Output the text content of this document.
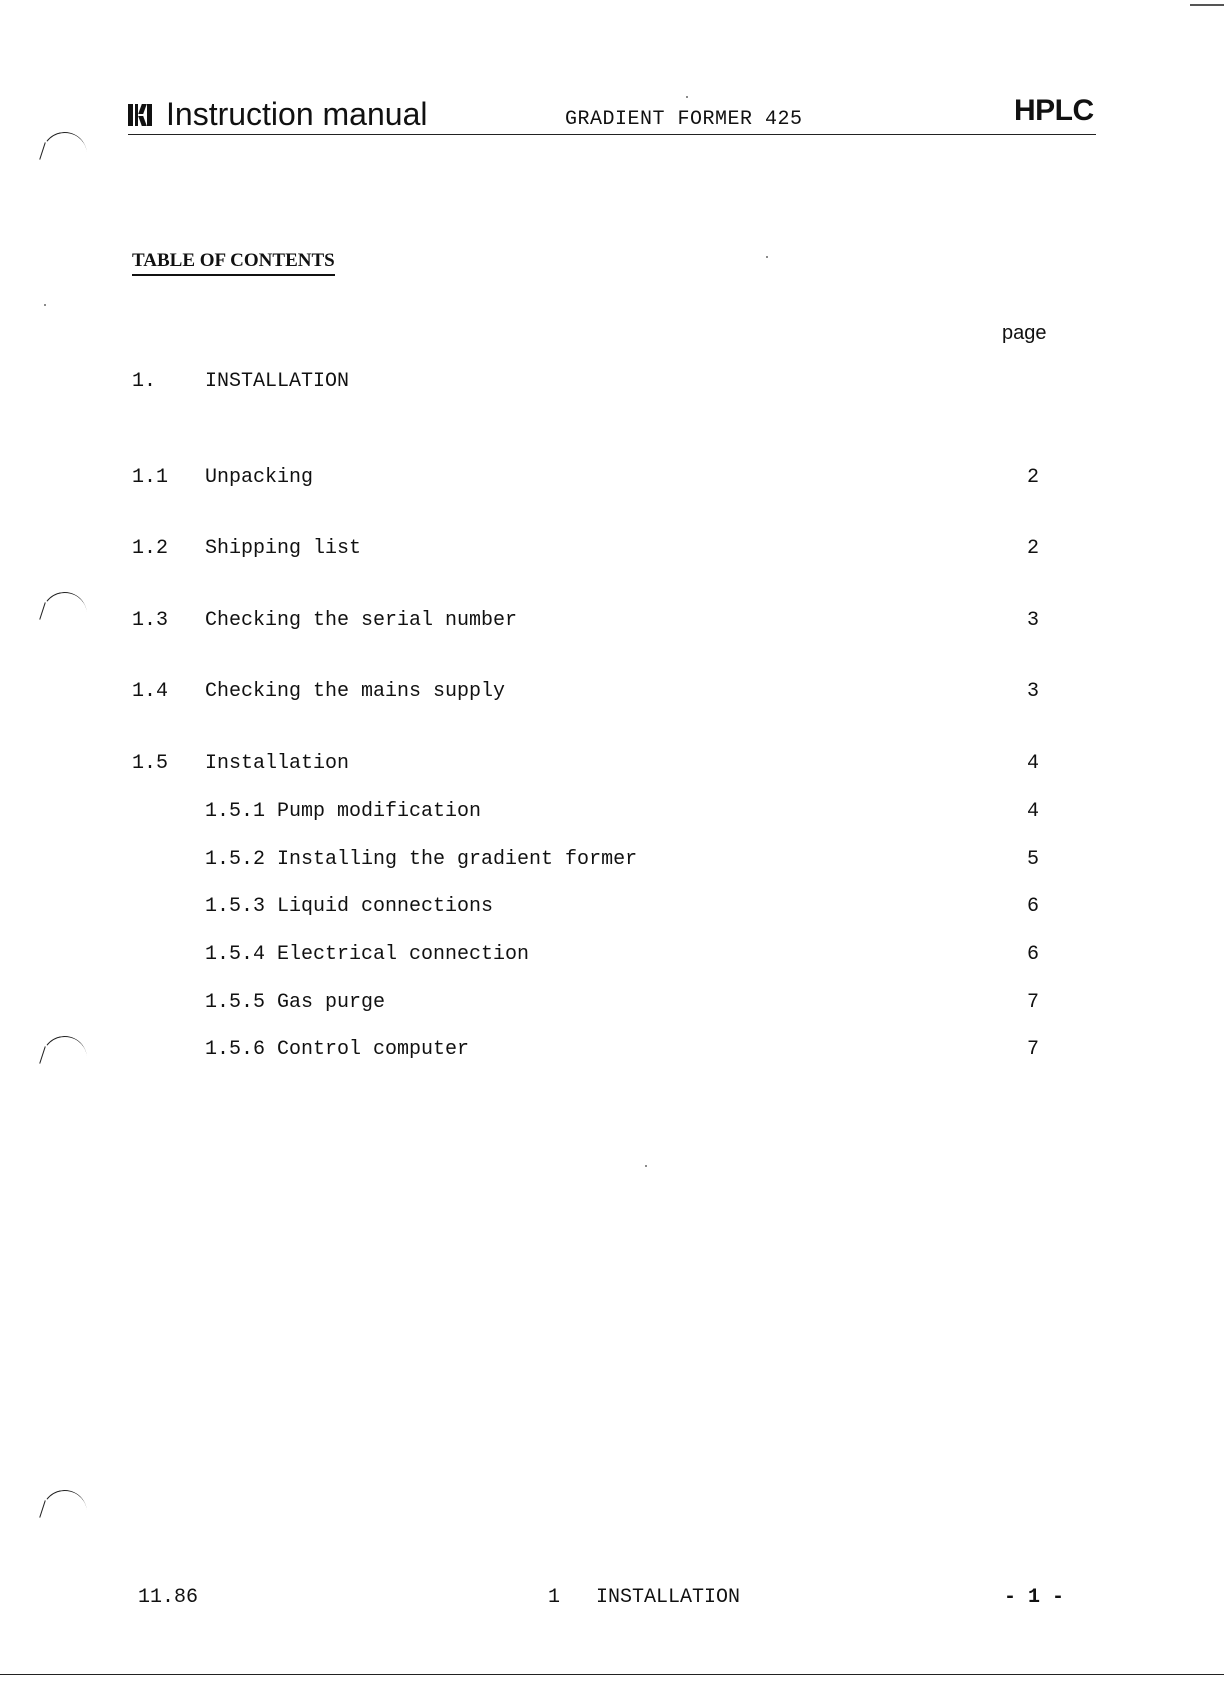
Instruction manual	GRADIENT FORMER 425	HPLC
TABLE OF CONTENTS
page
1. INSTALLATION
1.1 Unpacking	2
1.2 Shipping list	2
1.3 Checking the serial number	3
1.4 Checking the mains supply	3
1.5 Installation	4
1.5.1 Pump modification	4
1.5.2 Installing the gradient former	5
1.5.3 Liquid connections	6
1.5.4 Electrical connection	6
1.5.5 Gas purge	7
1.5.6 Control computer	7
11.86	1   INSTALLATION	- 1 -
